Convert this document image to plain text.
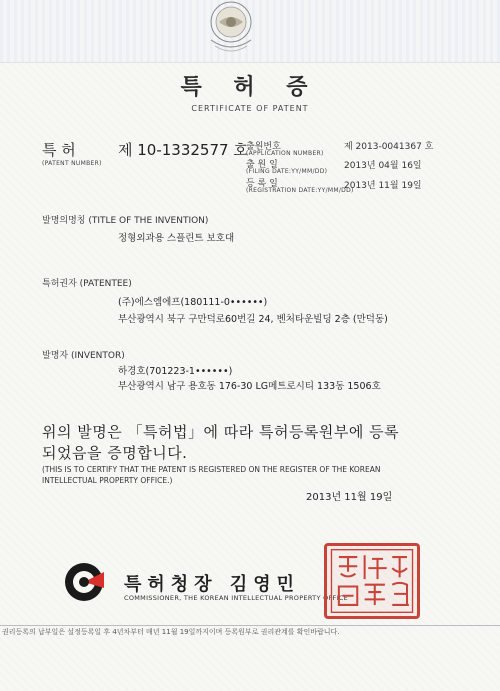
특 허 증
CERTIFICATE OF PATENT
특 허	제 10-1332577 호
(PATENT NUMBER)
출원번호
(APPLICATION NUMBER)
제 2013-0041367 호
출 원 일
(FILING DATE:YY/MM/DD)
2013년 04월 16일
등 록 일
(REGISTRATION DATE:YY/MM/DD)
2013년 11월 19일
발명의명칭 (TITLE OF THE INVENTION)
정형외과용 스플린트 보호대
특허권자 (PATENTEE)
(주)에스엠에프(180111-0••••••)
부산광역시 북구 구만덕로60번길 24, 벤처타운빌딩 2층 (만덕동)
발명자 (INVENTOR)
하경호(701223-1••••••)
부산광역시 남구 용호동 176-30 LG메트로시티 133동 1506호
위의 발명은 「특허법」에 따라 특허등록원부에 등록
되었음을 증명합니다.
(THIS IS TO CERTIFY THAT THE PATENT IS REGISTERED ON THE REGISTER OF THE KOREAN
INTELLECTUAL PROPERTY OFFICE.)
2013년 11월 19일
특허청장 김영민
COMMISSIONER, THE KOREAN INTELLECTUAL PROPERTY OFFICE
권리등록의 납부일은 설정등록일 후 4년차부터 매년 11월 19일까지이며 등록원부로 권리관계를 확인바랍니다.
